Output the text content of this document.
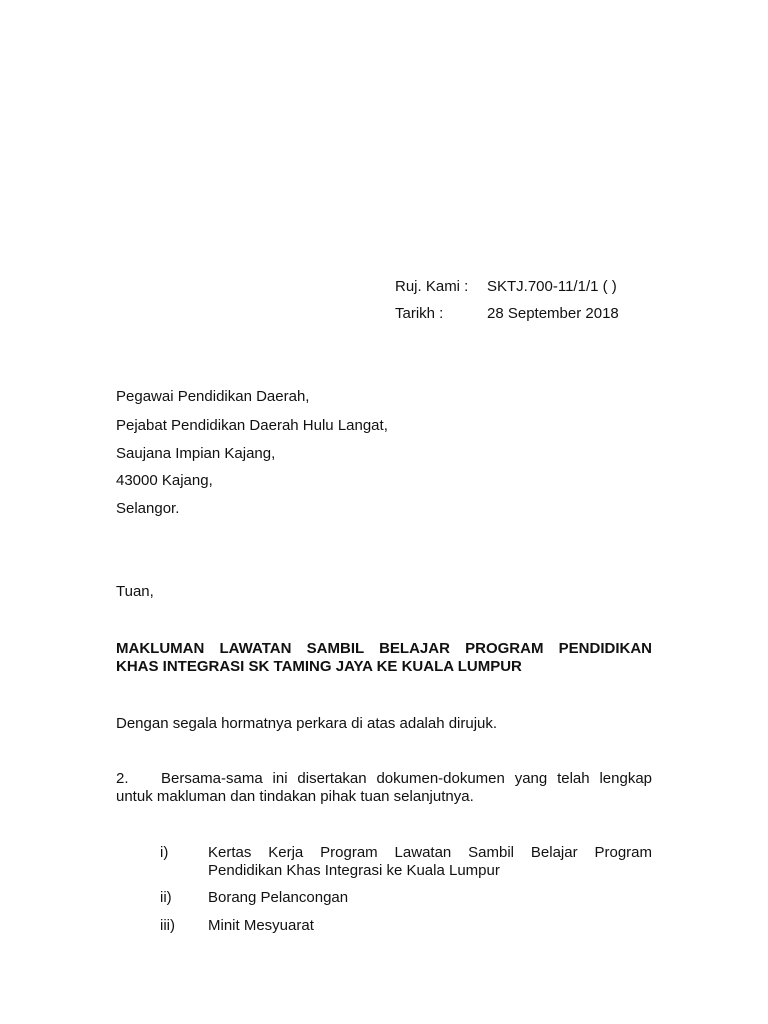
Ruj. Kami : SKTJ.700-11/1/1 ( )
Tarikh :	28 September 2018
Pegawai Pendidikan Daerah,
Pejabat Pendidikan Daerah Hulu Langat,
Saujana Impian Kajang,
43000 Kajang,
Selangor.
Tuan,
MAKLUMAN LAWATAN SAMBIL BELAJAR PROGRAM PENDIDIKAN
KHAS INTEGRASI SK TAMING JAYA KE KUALA LUMPUR
Dengan segala hormatnya perkara di atas adalah dirujuk.
2. Bersama-sama ini disertakan dokumen-dokumen yang telah lengkap
untuk makluman dan tindakan pihak tuan selanjutnya.
i)	Kertas Kerja Program Lawatan Sambil Belajar Program
Pendidikan Khas Integrasi ke Kuala Lumpur
ii) Borang Pelancongan
iii) Minit Mesyuarat
